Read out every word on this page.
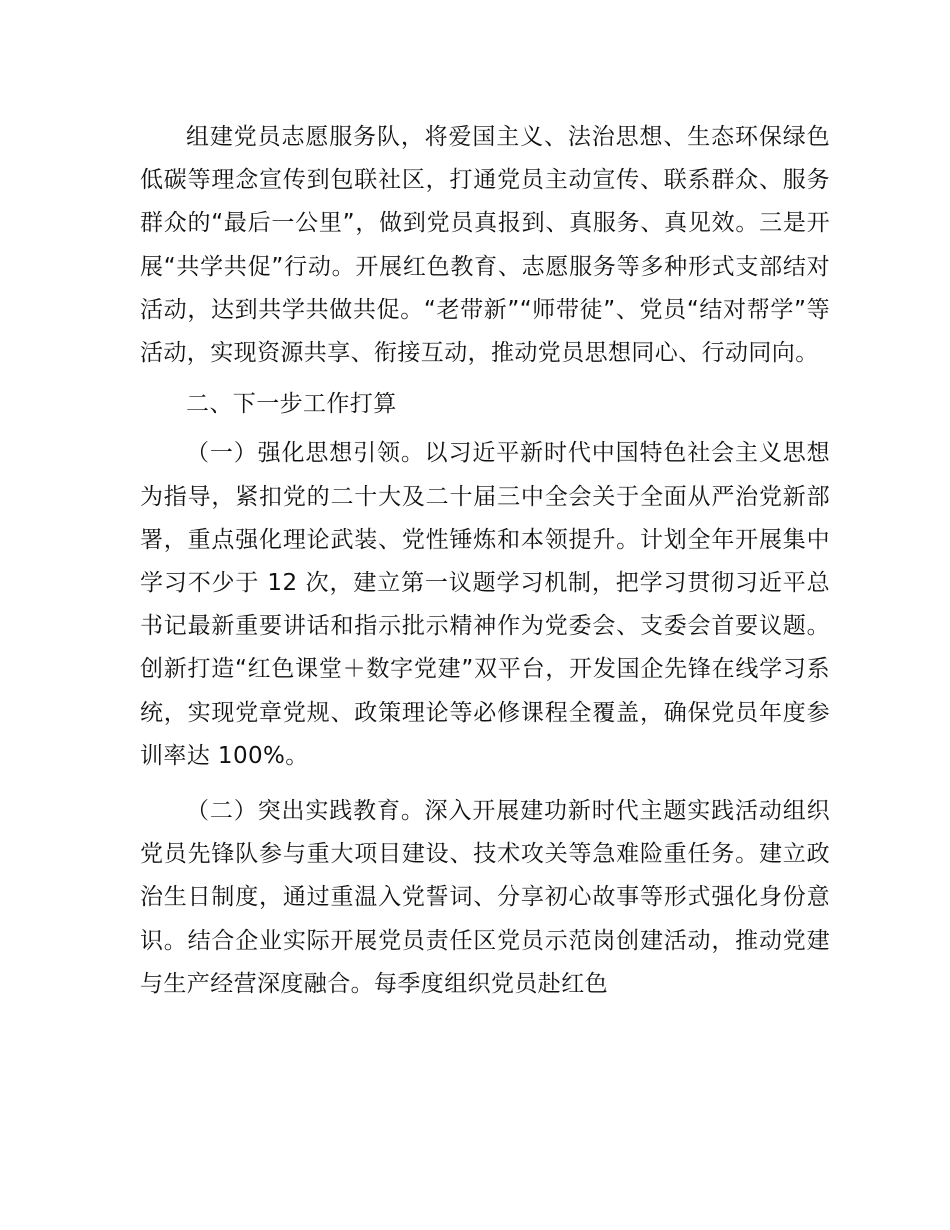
组建党员志愿服务队，将爱国主义、法治思想、生态环保绿色低碳等理念宣传到包联社区，打通党员主动宣传、联系群众、服务群众的“最后一公里”，做到党员真报到、真服务、真见效。三是开展“共学共促”行动。开展红色教育、志愿服务等多种形式支部结对活动，达到共学共做共促。“老带新”“师带徒”、党员“结对帮学”等活动，实现资源共享、衔接互动，推动党员思想同心、行动同向。

二、下一步工作打算

（一）强化思想引领。以习近平新时代中国特色社会主义思想为指导，紧扣党的二十大及二十届三中全会关于全面从严治党新部署，重点强化理论武装、党性锤炼和本领提升。计划全年开展集中学习不少于 12 次，建立第一议题学习机制，把学习贯彻习近平总书记最新重要讲话和指示批示精神作为党委会、支委会首要议题。创新打造“红色课堂＋数字党建”双平台，开发国企先锋在线学习系统，实现党章党规、政策理论等必修课程全覆盖，确保党员年度参训率达 100%。

（二）突出实践教育。深入开展建功新时代主题实践活动组织党员先锋队参与重大项目建设、技术攻关等急难险重任务。建立政治生日制度，通过重温入党誓词、分享初心故事等形式强化身份意识。结合企业实际开展党员责任区党员示范岗创建活动，推动党建与生产经营深度融合。每季度组织党员赴红色
